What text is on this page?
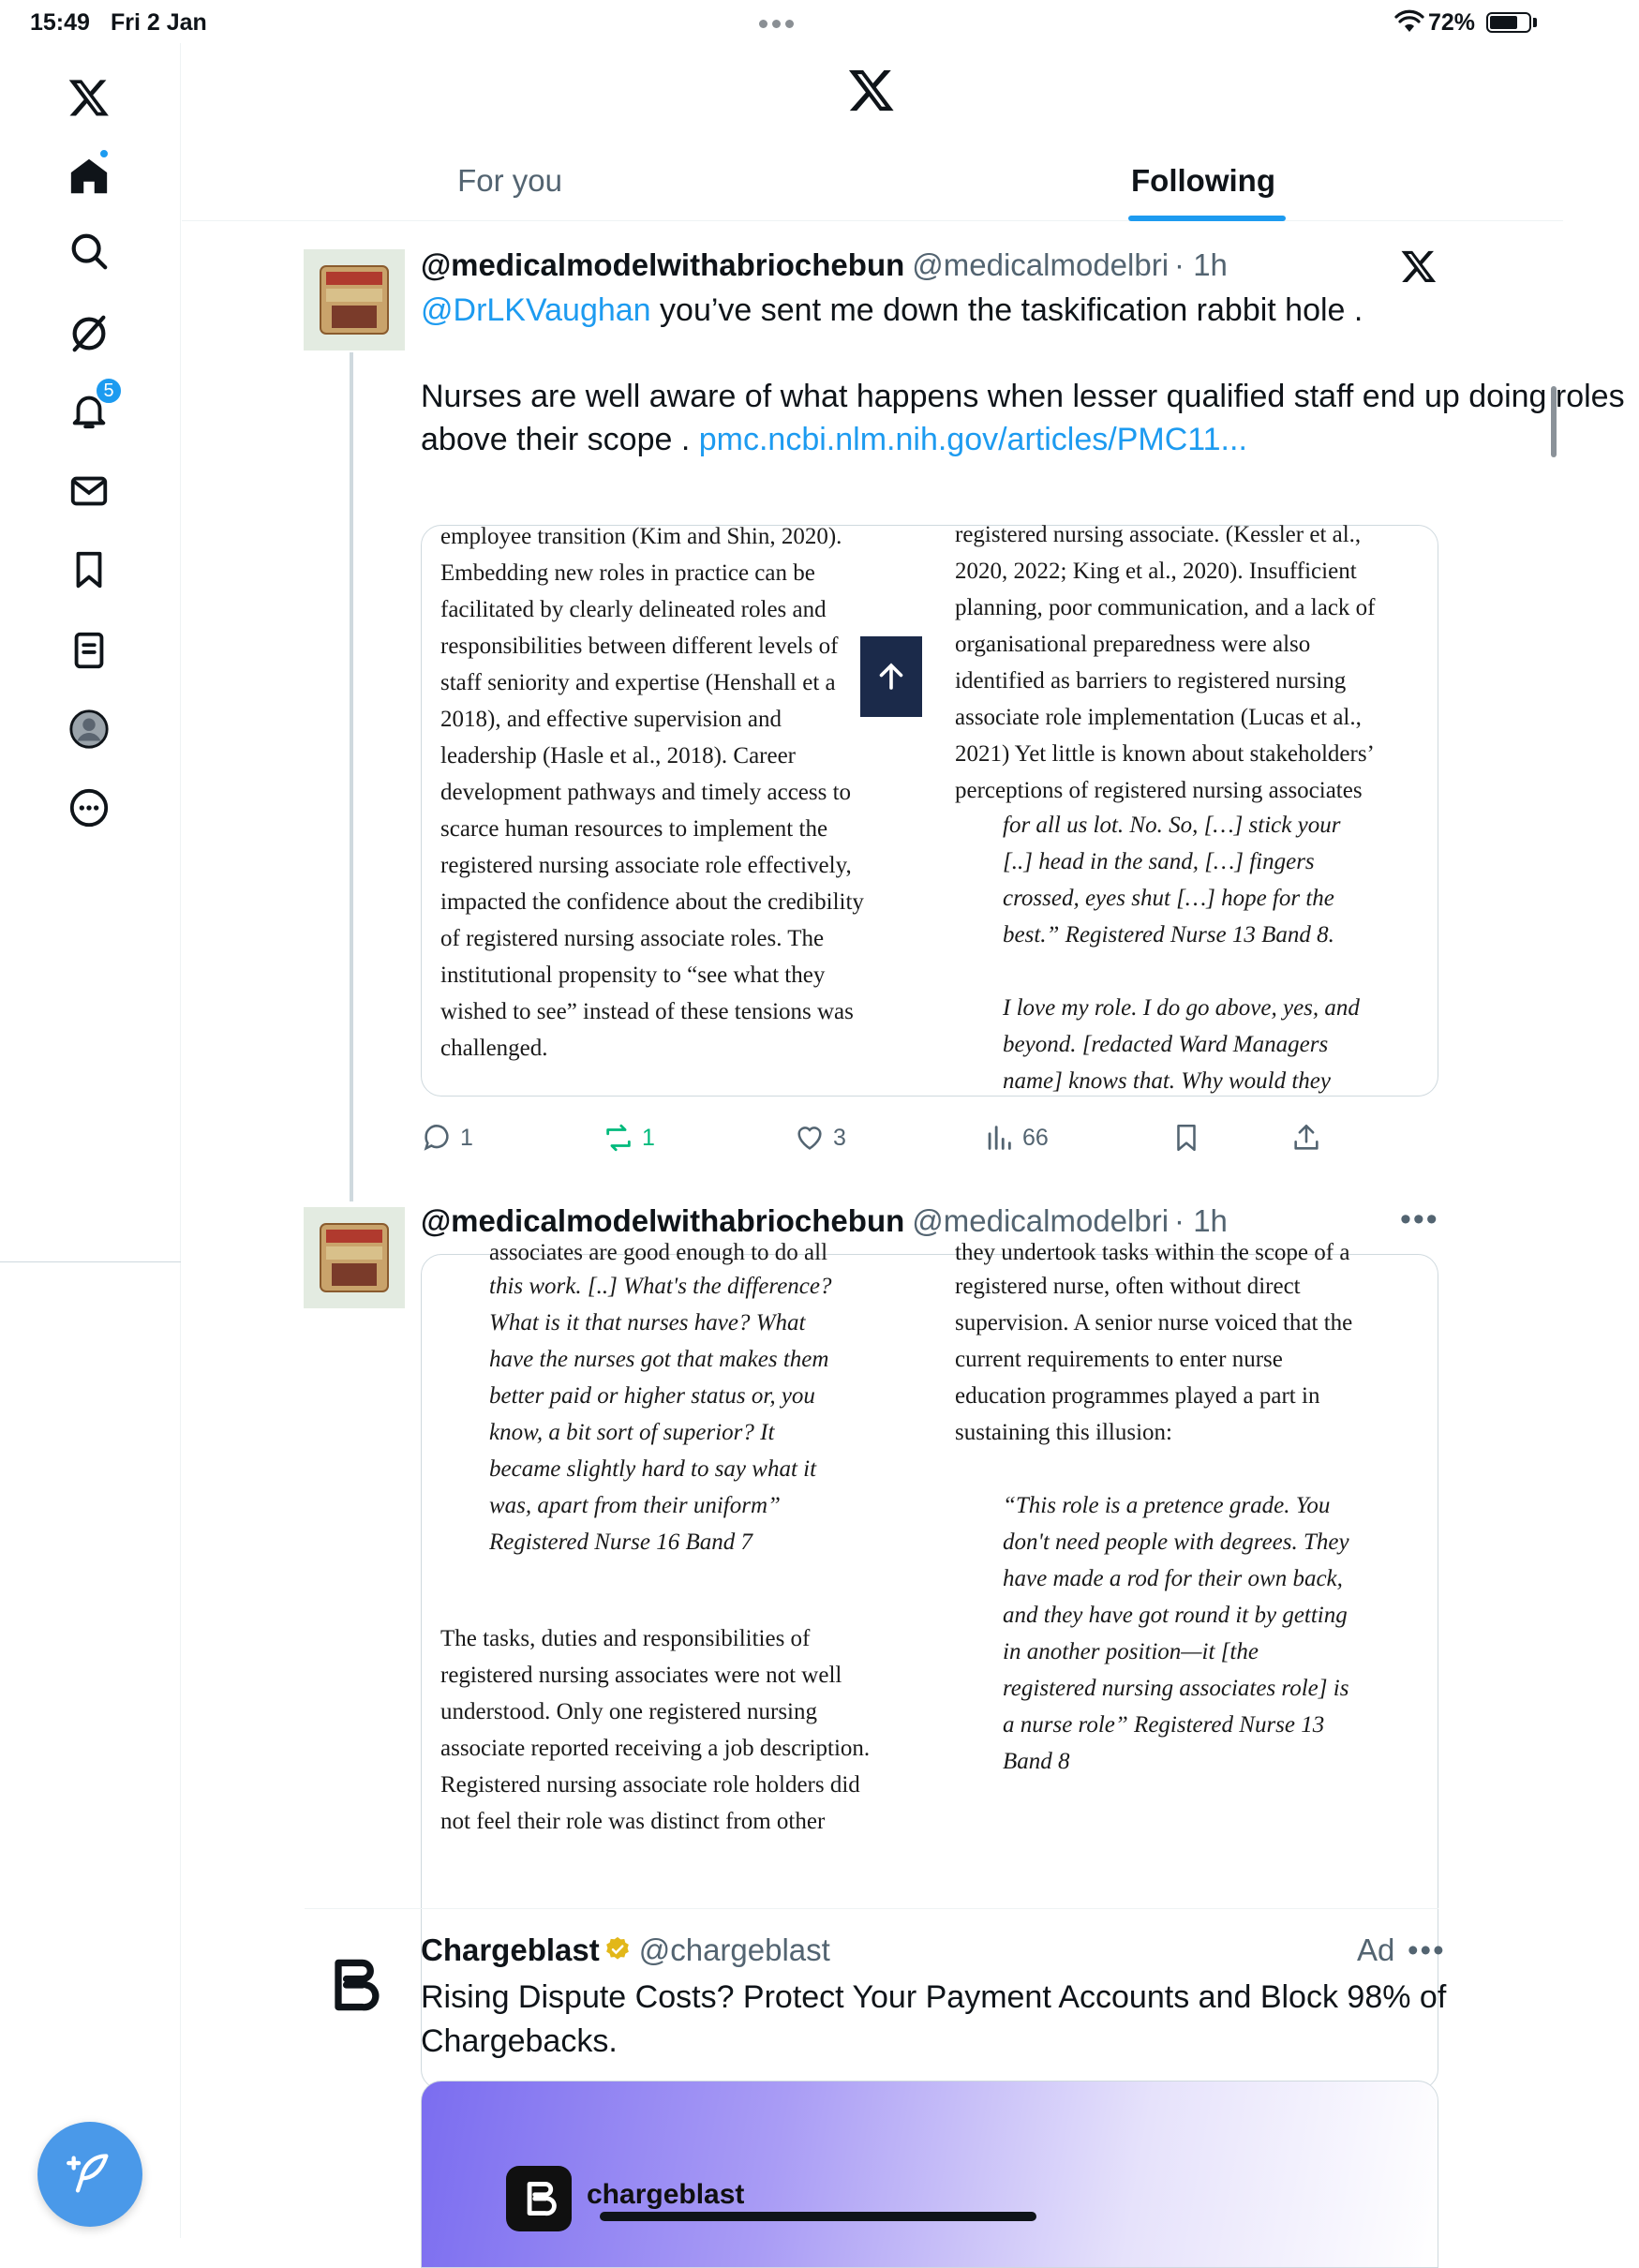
15:49 Fri 2 Jan	72%
5
For you	Following
@medicalmodelwithabriochebun @medicalmodelbri · 1h
@DrLKVaughan you’ve sent me down the taskification rabbit hole .

Nurses are well aware of what happens when lesser qualified staff end up doing roles above their scope . pmc.ncbi.nlm.nih.gov/articles/PMC11...
employee transition (Kim and Shin, 2020).
Embedding new roles in practice can be
facilitated by clearly delineated roles and
responsibilities between different levels of
staff seniority and expertise (Henshall et a
2018), and effective supervision and
leadership (Hasle et al., 2018). Career
development pathways and timely access to
scarce human resources to implement the
registered nursing associate role effectively,
impacted the confidence about the credibility
of registered nursing associate roles. The
institutional propensity to “see what they
wished to see” instead of these tensions was
challenged.
registered nursing associate. (Kessler et al.,
2020, 2022; King et al., 2020). Insufficient
planning, poor communication, and a lack of
organisational preparedness were also
identified as barriers to registered nursing
associate role implementation (Lucas et al.,
2021) Yet little is known about stakeholders’
perceptions of registered nursing associates
for all us lot. No. So, […] stick your
[..] head in the sand, […] fingers
crossed, eyes shut […] hope for the
best.” Registered Nurse 13 Band 8.

I love my role. I do go above, yes, and
beyond. [redacted Ward Managers
name] knows that. Why would they
1	1	3	66
@medicalmodelwithabriochebun @medicalmodelbri · 1h	•••
associates are good enough to do all	they undertook tasks within the scope of a
this work. [..] What's the difference?
What is it that nurses have? What
have the nurses got that makes them
better paid or higher status or, you
know, a bit sort of superior? It
became slightly hard to say what it
was, apart from their uniform”
Registered Nurse 16 Band 7
The tasks, duties and responsibilities of
registered nursing associates were not well
understood. Only one registered nursing
associate reported receiving a job description.
Registered nursing associate role holders did
not feel their role was distinct from other
registered nurse, often without direct
supervision. A senior nurse voiced that the
current requirements to enter nurse
education programmes played a part in
sustaining this illusion:
“This role is a pretence grade. You
don't need people with degrees. They
have made a rod for their own back,
and they have got round it by getting
in another position—it [the
registered nursing associates role] is
a nurse role” Registered Nurse 13
Band 8
Chargeblast @chargeblast	Ad •••
Rising Dispute Costs? Protect Your Payment Accounts and Block 98% of Chargebacks.
chargeblast
